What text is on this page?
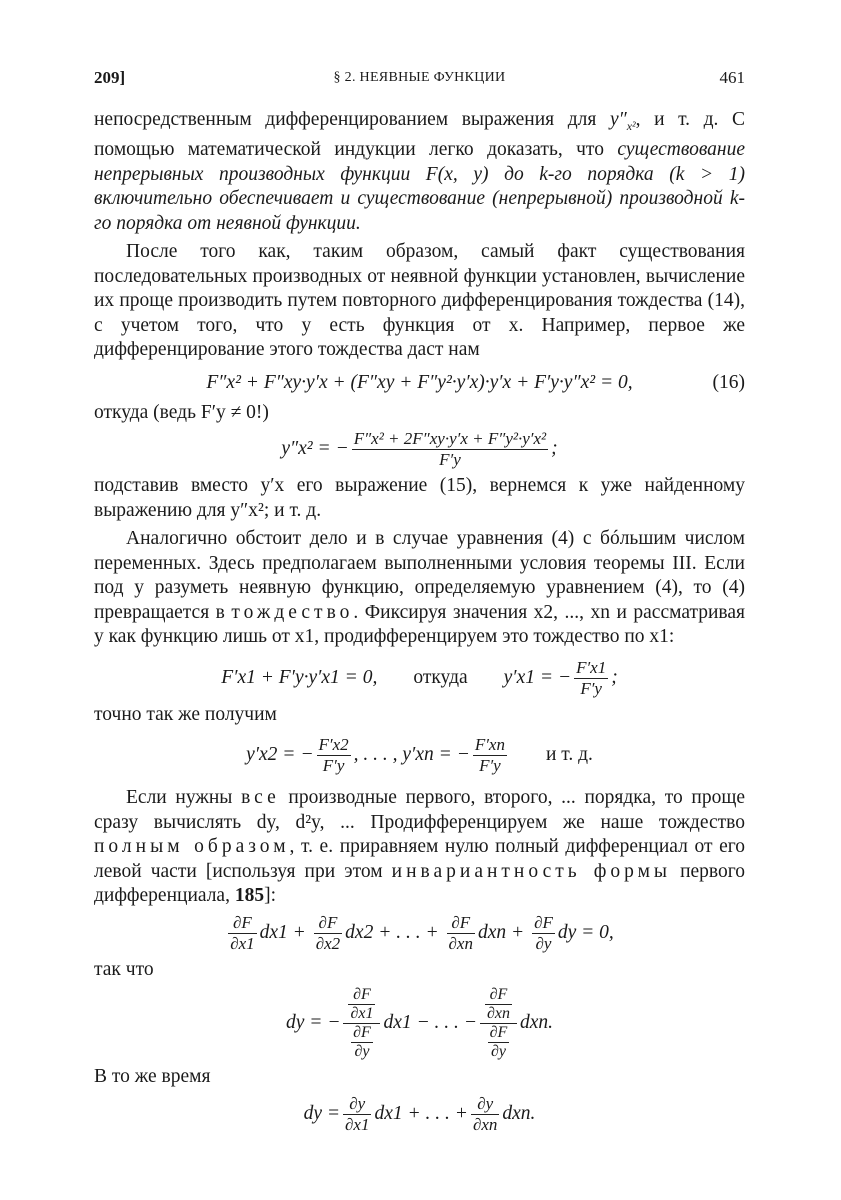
209]	§ 2. НЕЯВНЫЕ ФУНКЦИИ	461

непосредственным дифференцированием выражения для $y''_{x^2}$, и т. д. С помощью математической индукции легко доказать, что существование непрерывных производных функции F(x, y) до k-го порядка (k > 1) включительно обеспечивает и существование (непрерывной) производной k-го порядка от неявной функции.

После того как, таким образом, самый факт существования последовательных производных от неявной функции установлен, вычисление их проще производить путем повторного дифференцирования тождества (14), с учетом того, что y есть функция от x. Например, первое же дифференцирование этого тождества даст нам

F″x² + F″xy·y′x + (F″xy + F″y²·y′x)·y′x + F′y·y″x² = 0,	(16)

откуда (ведь F′y ≠ 0!)

y″x² = − $\frac{\text{F″x² + 2F″xy·y′x + F″y²·y′x²}}{F'y}$ ;

подставив вместо y′x его выражение (15), вернемся к уже найденному выражению для y″x²; и т. д.

Аналогично обстоит дело и в случае уравнения (4) с бóльшим числом переменных. Здесь предполагаем выполненными условия теоремы III. Если под y разуметь неявную функцию, определяемую уравнением (4), то (4) превращается в тождество. Фиксируя значения x2, ..., xn и рассматривая y как функцию лишь от x1, продифференцируем это тождество по x1:

F′x1 + F′y·y′x1 = 0, откуда y′x1 = − $\frac{F'x1}{F'y}$ ;

точно так же получим

y′x2 = − $\frac{F'x2}{F'y}$ , . . . , y′xn = − $\frac{F'xn}{F'y}$ и т. д.

Если нужны все производные первого, второго, ... порядка, то проще сразу вычислять dy, d²y, ... Продифференцируем же наше тождество полным образом, т. е. приравняем нулю полный дифференциал от его левой части [используя при этом инвариантность формы первого дифференциала, 185]:

$\frac{\partial F}{\partial x1} dx1 + \frac{\partial F}{\partial x2} dx2$ + . . . + $\frac{\partial F}{\partial xn}$ dxn + $\frac{\partial F}{\partial y}$ dy = 0,

так что

dy = − $\frac{\frac{\partial F}{\partial x1}}{\frac{\partial F}{\partial y}} dx1$ − . . . − $\frac{\frac{\partial F}{\partial xn}}{\frac{\partial F}{\partial y}}$ dxn.

В то же время

dy = $\frac{\partial y}{\partial x1} dx1$ + . . . + $\frac{\partial y}{\partial xn}$ dxn.
